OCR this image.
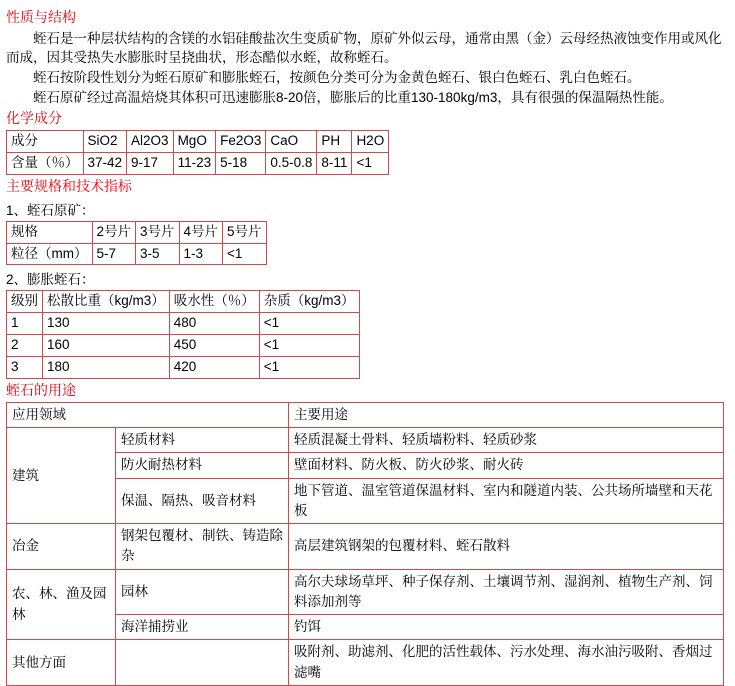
性质与结构

蛭石是一种层状结构的含镁的水铝硅酸盐次生变质矿物，原矿外似云母，通常由黑（金）云母经热液蚀变作用或风化而成，因其受热失水膨胀时呈挠曲状，形态酷似水蛭，故称蛭石。

蛭石按阶段性划分为蛭石原矿和膨胀蛭石，按颜色分类可分为金黄色蛭石、银白色蛭石、乳白色蛭石。

蛭石原矿经过高温焙烧其体积可迅速膨胀8-20倍，膨胀后的比重130-180kg/m3，具有很强的保温隔热性能。

化学成分
成分	SiO2	Al2O3	MgO	Fe2O3	CaO	PH	H2O
含量（％）	37-42	9-17	11-23	5-18	0.5-0.8	8-11	<1
主要规格和技术指标
1、蛭石原矿：
规格	2号片	3号片	4号片	5号片
粒径（mm）	5-7	3-5	1-3	<1
2、膨胀蛭石：
级别	松散比重（kg/m3）	吸水性（％）	杂质（kg/m3）
1	130	480	<1
2	160	450	<1
3	180	420	<1
蛭石的用途
应用领域		主要用途
建筑	轻质材料	轻质混凝土骨料、轻质墙粉料、轻质砂浆
	防火耐热材料	壁面材料、防火板、防火砂浆、耐火砖
	保温、隔热、吸音材料	地下管道、温室管道保温材料、室内和隧道内装、公共场所墙壁和天花板
冶金	钢架包覆材、制铁、铸造除杂	高层建筑钢架的包覆材料、蛭石散料
农、林、渔及园林	园林	高尔夫球场草坪、种子保存剂、土壤调节剂、湿润剂、植物生产剂、饲料添加剂等
	海洋捕捞业	钓饵
其他方面		吸附剂、助滤剂、化肥的活性载体、污水处理、海水油污吸附、香烟过滤嘴
